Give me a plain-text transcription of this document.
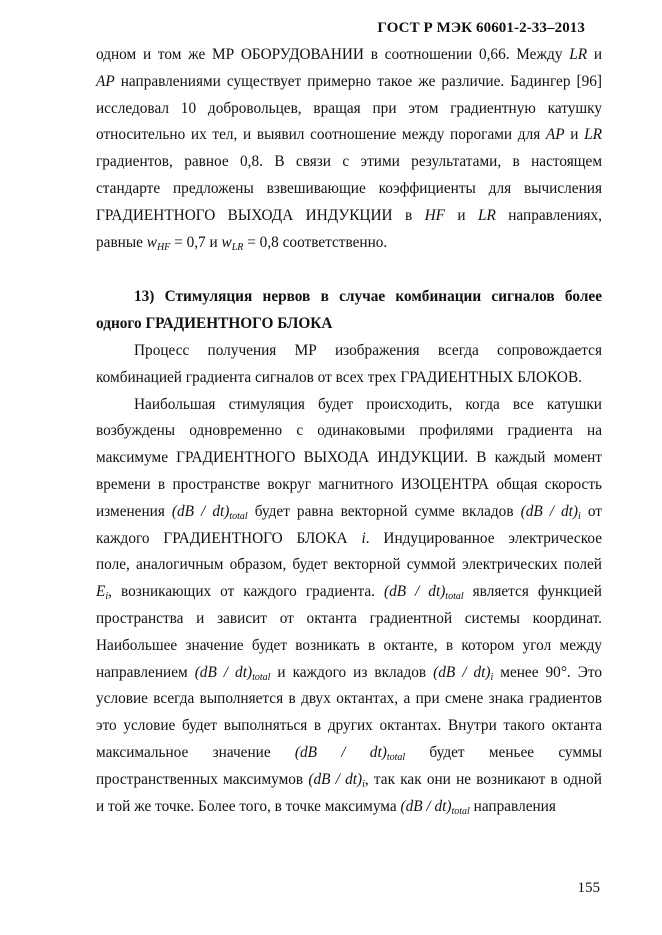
ГОСТ Р МЭК 60601-2-33–2013
одном и том же МР ОБОРУДОВАНИИ в соотношении 0,66. Между LR и
AP направлениями существует примерно такое же различие. Бадингер [96]
исследовал 10 добровольцев, вращая при этом градиентную катушку
относительно их тел, и выявил соотношение между порогами для AP и LR
градиентов, равное 0,8. В связи с этими результатами, в настоящем
стандарте предложены взвешивающие коэффициенты для вычисления
ГРАДИЕНТНОГО ВЫХОДА ИНДУКЦИИ в HF и LR направлениях,
равные $w_{HF} = 0,7$ и $w_{LR} = 0,8$ соответственно.
13) Стимуляция нервов в случае комбинации сигналов более
одного ГРАДИЕНТНОГО БЛОКА
Процесс получения МР изображения всегда сопровождается
комбинацией градиента сигналов от всех трех ГРАДИЕНТНЫХ БЛОКОВ.
Наибольшая стимуляция будет происходить, когда все катушки
возбуждены одновременно с одинаковыми профилями градиента на
максимуме ГРАДИЕНТНОГО ВЫХОДА ИНДУКЦИИ. В каждый момент
времени в пространстве вокруг магнитного ИЗОЦЕНТРА общая скорость
изменения $(dB / dt)_{total}$ будет равна векторной сумме вкладов $(dB / dt)_i$ от
каждого ГРАДИЕНТНОГО БЛОКА i. Индуцированное электрическое
поле, аналогичным образом, будет векторной суммой электрических полей
$E_i$, возникающих от каждого градиента. $(dB / dt)_{total}$ является функцией
пространства и зависит от октанта градиентной системы координат.
Наибольшее значение будет возникать в октанте, в котором угол между
направлением $(dB / dt)_{total}$ и каждого из вкладов $(dB / dt)_i$ менее 90°. Это
условие всегда выполняется в двух октантах, а при смене знака градиентов
это условие будет выполняться в других октантах. Внутри такого октанта
максимальное значение $(dB / dt)_{total}$ будет меньее суммы
пространственных максимумов $(dB / dt)_i$, так как они не возникают в одной
и той же точке. Более того, в точке максимума $(dB / dt)_{total}$ направления
155
